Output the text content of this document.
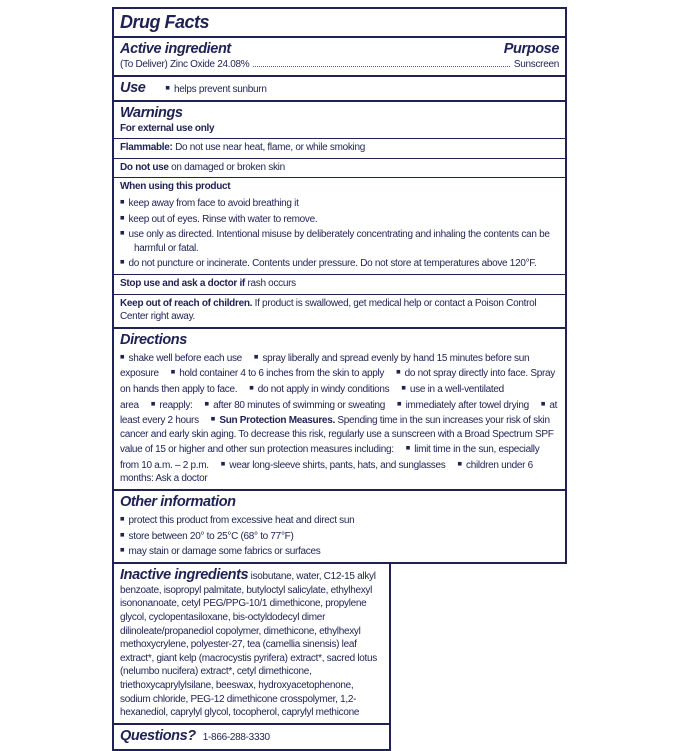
Drug Facts
Active ingredient	Purpose
(To Deliver) Zinc Oxide 24.08%	Sunscreen
Use	■ helps prevent sunburn
Warnings
For external use only
Flammable: Do not use near heat, flame, or while smoking
Do not use on damaged or broken skin
When using this product
■ keep away from face to avoid breathing it
■ keep out of eyes. Rinse with water to remove.
■ use only as directed. Intentional misuse by deliberately concentrating and inhaling the contents can be harmful or fatal.
■ do not puncture or incinerate. Contents under pressure. Do not store at temperatures above 120°F.
Stop use and ask a doctor if rash occurs
Keep out of reach of children. If product is swallowed, get medical help or contact a Poison Control Center right away.
Directions
■ shake well before each use ■ spray liberally and spread evenly by hand 15 minutes before sun exposure ■ hold container 4 to 6 inches from the skin to apply ■ do not spray directly into face. Spray on hands then apply to face. ■ do not apply in windy conditions ■ use in a well-ventilated area ■ reapply: ■ after 80 minutes of swimming or sweating ■ immediately after towel drying ■ at least every 2 hours ■ Sun Protection Measures. Spending time in the sun increases your risk of skin cancer and early skin aging. To decrease this risk, regularly use a sunscreen with a Broad Spectrum SPF value of 15 or higher and other sun protection measures including: ■ limit time in the sun, especially from 10 a.m. – 2 p.m. ■ wear long-sleeve shirts, pants, hats, and sunglasses ■ children under 6 months: Ask a doctor
Other information
■ protect this product from excessive heat and direct sun
■ store between 20° to 25°C (68° to 77°F)
■ may stain or damage some fabrics or surfaces
Inactive ingredients isobutane, water, C12-15 alkyl benzoate, isopropyl palmitate, butyloctyl salicylate, ethylhexyl isononanoate, cetyl PEG/PPG-10/1 dimethicone, propylene glycol, cyclopentasiloxane, bis-octyldodecyl dimer dilinoleate/propanediol copolymer, dimethicone, ethylhexyl methoxycrylene, polyester-27, tea (camellia sinensis) leaf extract*, giant kelp (macrocystis pyrifera) extract*, sacred lotus (nelumbo nucifera) extract*, cetyl dimethicone, triethoxycaprylylsilane, beeswax, hydroxyacetophenone, sodium chloride, PEG-12 dimethicone crosspolymer, 1,2-hexanediol, caprylyl glycol, tocopherol, caprylyl methicone
Questions? 1-866-288-3330
